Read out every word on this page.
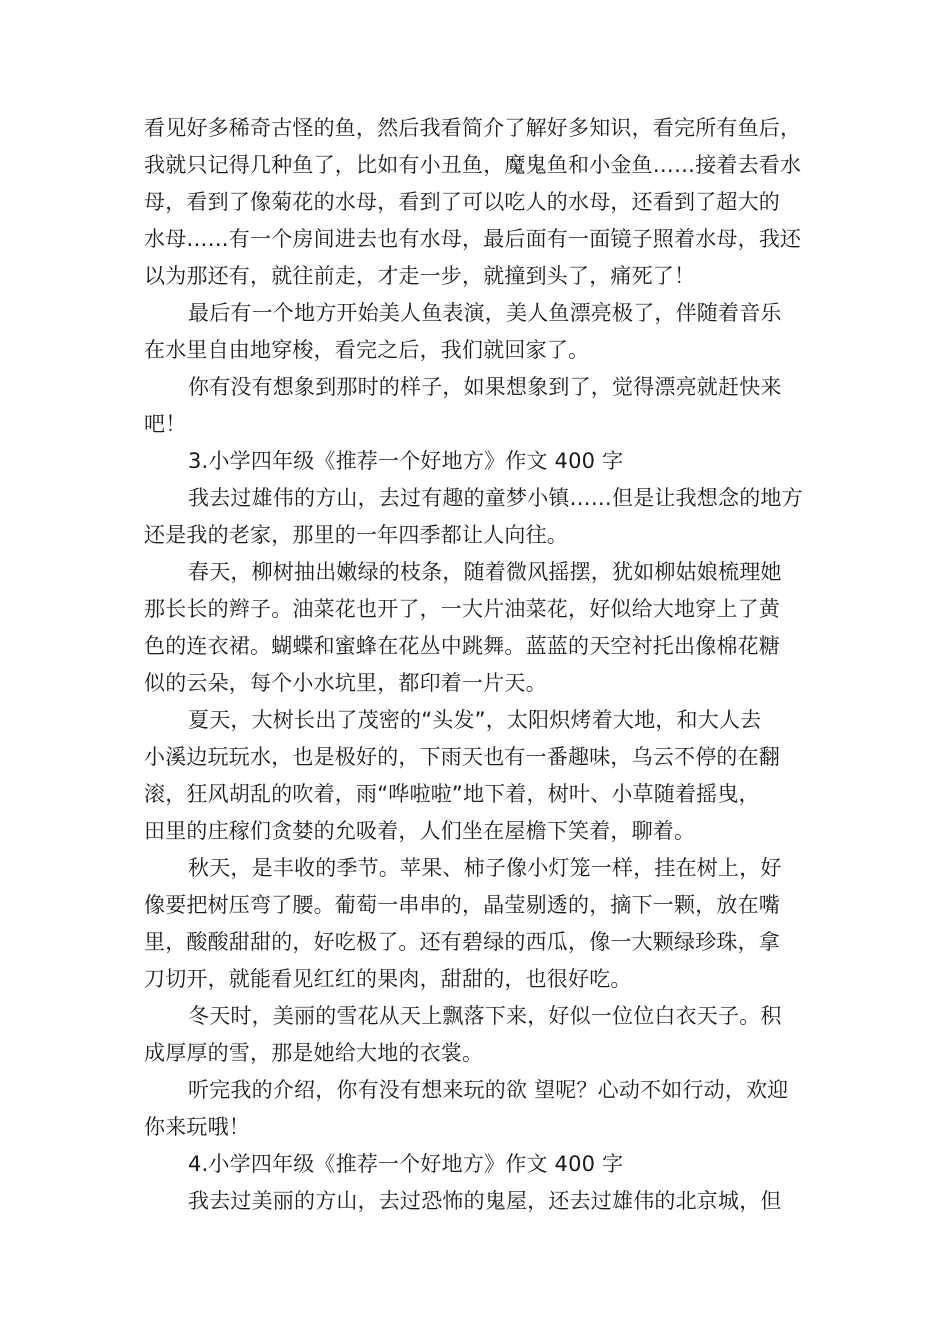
看见好多稀奇古怪的鱼，然后我看简介了解好多知识，看完所有鱼后，
我就只记得几种鱼了，比如有小丑鱼，魔鬼鱼和小金鱼……接着去看水
母，看到了像菊花的水母，看到了可以吃人的水母，还看到了超大的
水母……有一个房间进去也有水母，最后面有一面镜子照着水母，我还
以为那还有，就往前走，才走一步，就撞到头了，痛死了！
最后有一个地方开始美人鱼表演，美人鱼漂亮极了，伴随着音乐
在水里自由地穿梭，看完之后，我们就回家了。
你有没有想象到那时的样子，如果想象到了，觉得漂亮就赶快来
吧！
3.小学四年级《推荐一个好地方》作文 400 字
我去过雄伟的方山，去过有趣的童梦小镇……但是让我想念的地方
还是我的老家，那里的一年四季都让人向往。
春天，柳树抽出嫩绿的枝条，随着微风摇摆，犹如柳姑娘梳理她
那长长的辫子。油菜花也开了，一大片油菜花，好似给大地穿上了黄
色的连衣裙。蝴蝶和蜜蜂在花丛中跳舞。蓝蓝的天空衬托出像棉花糖
似的云朵，每个小水坑里，都印着一片天。
夏天，大树长出了茂密的“头发”，太阳炽烤着大地，和大人去
小溪边玩玩水，也是极好的，下雨天也有一番趣味，乌云不停的在翻
滚，狂风胡乱的吹着，雨“哗啦啦”地下着，树叶、小草随着摇曳，
田里的庄稼们贪婪的允吸着，人们坐在屋檐下笑着，聊着。
秋天，是丰收的季节。苹果、柿子像小灯笼一样，挂在树上，好
像要把树压弯了腰。葡萄一串串的，晶莹剔透的，摘下一颗，放在嘴
里，酸酸甜甜的，好吃极了。还有碧绿的西瓜，像一大颗绿珍珠，拿
刀切开，就能看见红红的果肉，甜甜的，也很好吃。
冬天时，美丽的雪花从天上飘落下来，好似一位位白衣天子。积
成厚厚的雪，那是她给大地的衣裳。
听完我的介绍，你有没有想来玩的欲 望呢？心动不如行动，欢迎
你来玩哦！
4.小学四年级《推荐一个好地方》作文 400 字
我去过美丽的方山，去过恐怖的鬼屋，还去过雄伟的北京城，但
